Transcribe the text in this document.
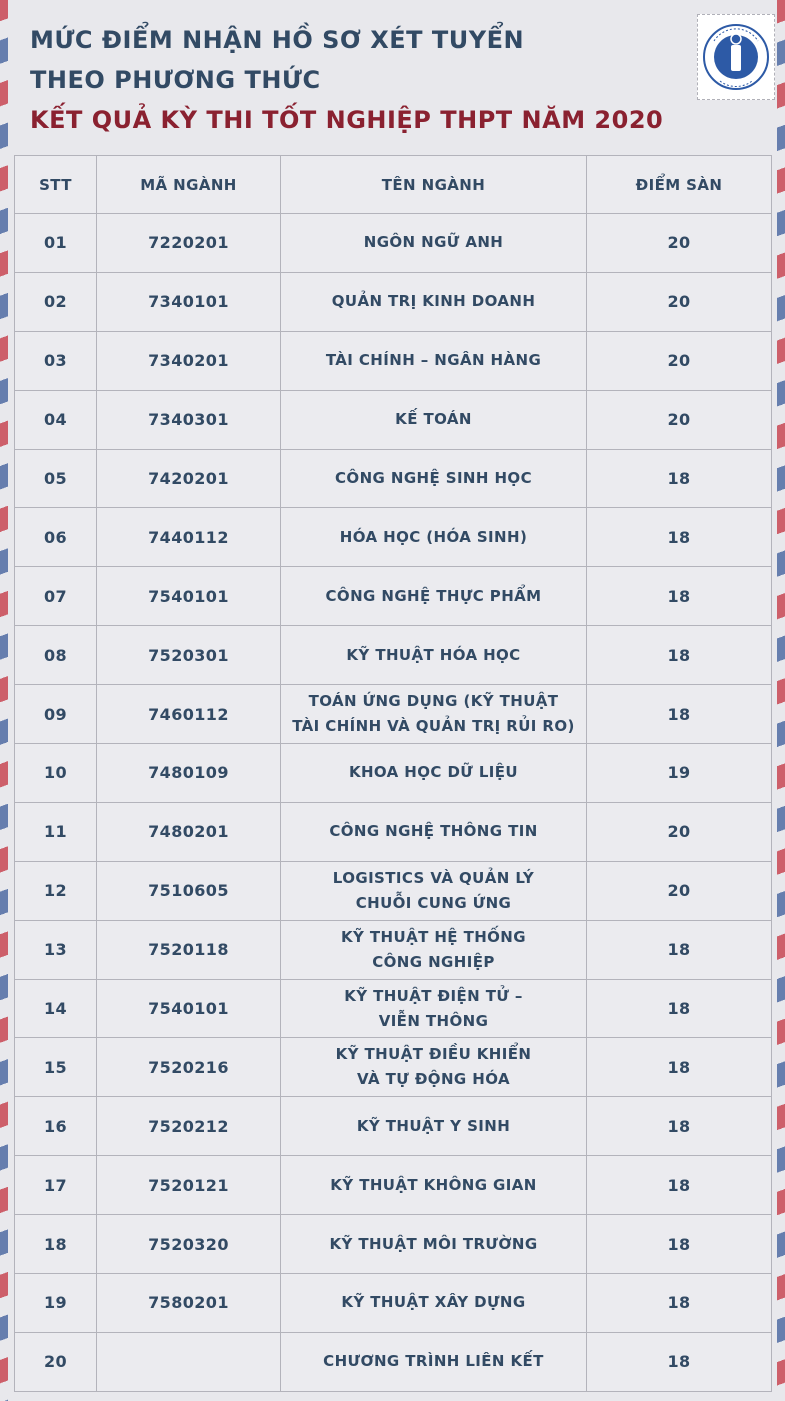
MỨC ĐIỂM NHẬN HỒ SƠ XÉT TUYỂN
THEO PHƯƠNG THỨC
KẾT QUẢ KỲ THI TỐT NGHIỆP THPT NĂM 2020
STT	MÃ NGÀNH	TÊN NGÀNH	ĐIỂM SÀN
01	7220201	NGÔN NGỮ ANH	20
02	7340101	QUẢN TRỊ KINH DOANH	20
03	7340201	TÀI CHÍNH – NGÂN HÀNG	20
04	7340301	KẾ TOÁN	20
05	7420201	CÔNG NGHỆ SINH HỌC	18
06	7440112	HÓA HỌC (HÓA SINH)	18
07	7540101	CÔNG NGHỆ THỰC PHẨM	18
08	7520301	KỸ THUẬT HÓA HỌC	18
09	7460112	TOÁN ỨNG DỤNG (KỸ THUẬT
TÀI CHÍNH VÀ QUẢN TRỊ RỦI RO)	18
10	7480109	KHOA HỌC DỮ LIỆU	19
11	7480201	CÔNG NGHỆ THÔNG TIN	20
12	7510605	LOGISTICS VÀ QUẢN LÝ
CHUỖI CUNG ỨNG	20
13	7520118	KỸ THUẬT HỆ THỐNG
CÔNG NGHIỆP	18
14	7540101	KỸ THUẬT ĐIỆN TỬ –
VIỄN THÔNG	18
15	7520216	KỸ THUẬT ĐIỀU KHIỂN
VÀ TỰ ĐỘNG HÓA	18
16	7520212	KỸ THUẬT Y SINH	18
17	7520121	KỸ THUẬT KHÔNG GIAN	18
18	7520320	KỸ THUẬT MÔI TRƯỜNG	18
19	7580201	KỸ THUẬT XÂY DỰNG	18
20		CHƯƠNG TRÌNH LIÊN KẾT	18
